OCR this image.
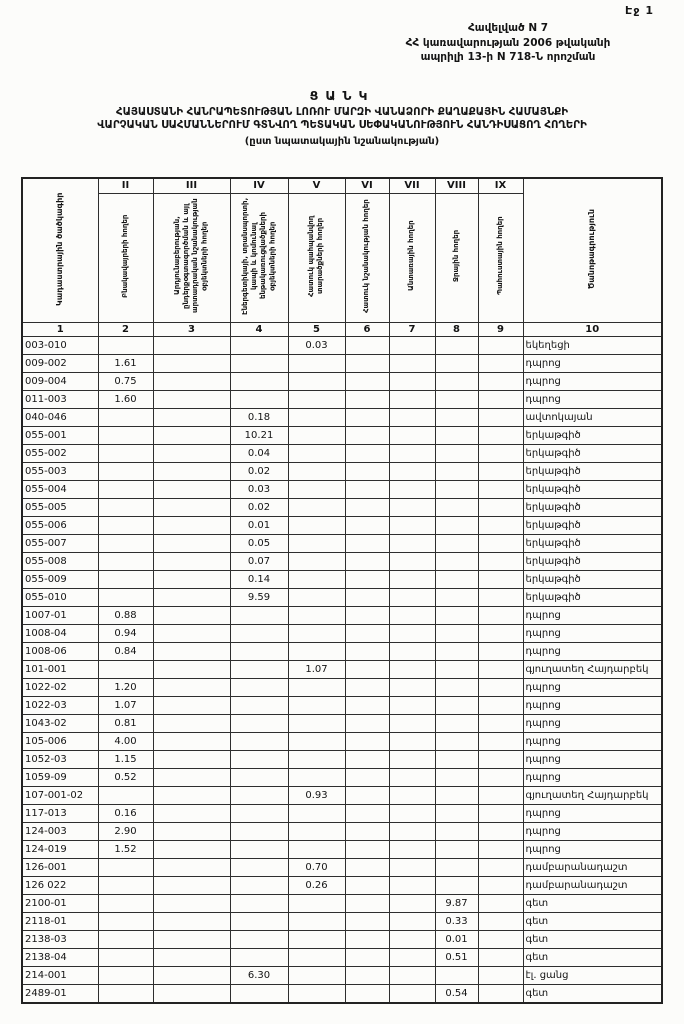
Էջ 1
Հավելված N 7
ՀՀ կառավարության 2006 թվականի
ապրիլի 13-ի N 718-Ն որոշման
ՑԱՆԿ
ՀԱՅԱՍՏԱՆԻ ՀԱՆՐԱՊԵՏՈՒԹՅԱՆ ԼՈՌՈՒ ՄԱՐԶԻ ՎԱՆԱՁՈՐԻ ՔԱՂԱՔԱՅԻՆ ՀԱՄԱՅՆՔԻ
ՎԱՐՉԱԿԱՆ ՍԱՀՄԱՆՆԵՐՈՒՄ ԳՏՆՎՈՂ ՊԵՏԱԿԱՆ ՍԵՓԱԿԱՆՈՒԹՅՈՒՆ ՀԱՆԴԻՍԱՑՈՂ ՀՈՂԵՐԻ
(ըստ նպատակային նշանակության)
Կադաստրային ծածկագիր	II	III	IV	V	VI	VII	VIII	IX	Ծանոթագրություն
	Բնակավայրերի հողեր	Արդյունաբերության, ընդերքօգտագործման և այլ արտադրական նշանակության օբյեկտների հողեր	Էներգետիկայի, տրանսպորտի, կապի և կոմունալ ենթակառուցվածքների օբյեկտների հողեր	Հատուկ պահպանվող տարածքների հողեր	Հատուկ նշանակության հողեր	Անտառային հողեր	Ջրային հողեր	Պահուստային հողեր	
1	2	3	4	5	6	7	8	9	10
003-010				0.03					եկեղեցի
009-002	1.61								դպրոց
009-004	0.75								դպրոց
011-003	1.60								դպրոց
040-046			0.18						ավտոկայան
055-001			10.21						երկաթգիծ
055-002			0.04						երկաթգիծ
055-003			0.02						երկաթգիծ
055-004			0.03						երկաթգիծ
055-005			0.02						երկաթգիծ
055-006			0.01						երկաթգիծ
055-007			0.05						երկաթգիծ
055-008			0.07						երկաթգիծ
055-009			0.14						երկաթգիծ
055-010			9.59						երկաթգիծ
1007-01	0.88								դպրոց
1008-04	0.94								դպրոց
1008-06	0.84								դպրոց
101-001				1.07					գյուղատեղ Հայդարբեկ
1022-02	1.20								դպրոց
1022-03	1.07								դպրոց
1043-02	0.81								դպրոց
105-006	4.00								դպրոց
1052-03	1.15								դպրոց
1059-09	0.52								դպրոց
107-001-02				0.93					գյուղատեղ Հայդարբեկ
117-013	0.16								դպրոց
124-003	2.90								դպրոց
124-019	1.52								դպրոց
126-001				0.70					դամբարանադաշտ
126 022				0.26					դամբարանադաշտ
2100-01							9.87		գետ
2118-01							0.33		գետ
2138-03							0.01		գետ
2138-04							0.51		գետ
214-001			6.30						էլ. ցանց
2489-01							0.54		գետ
